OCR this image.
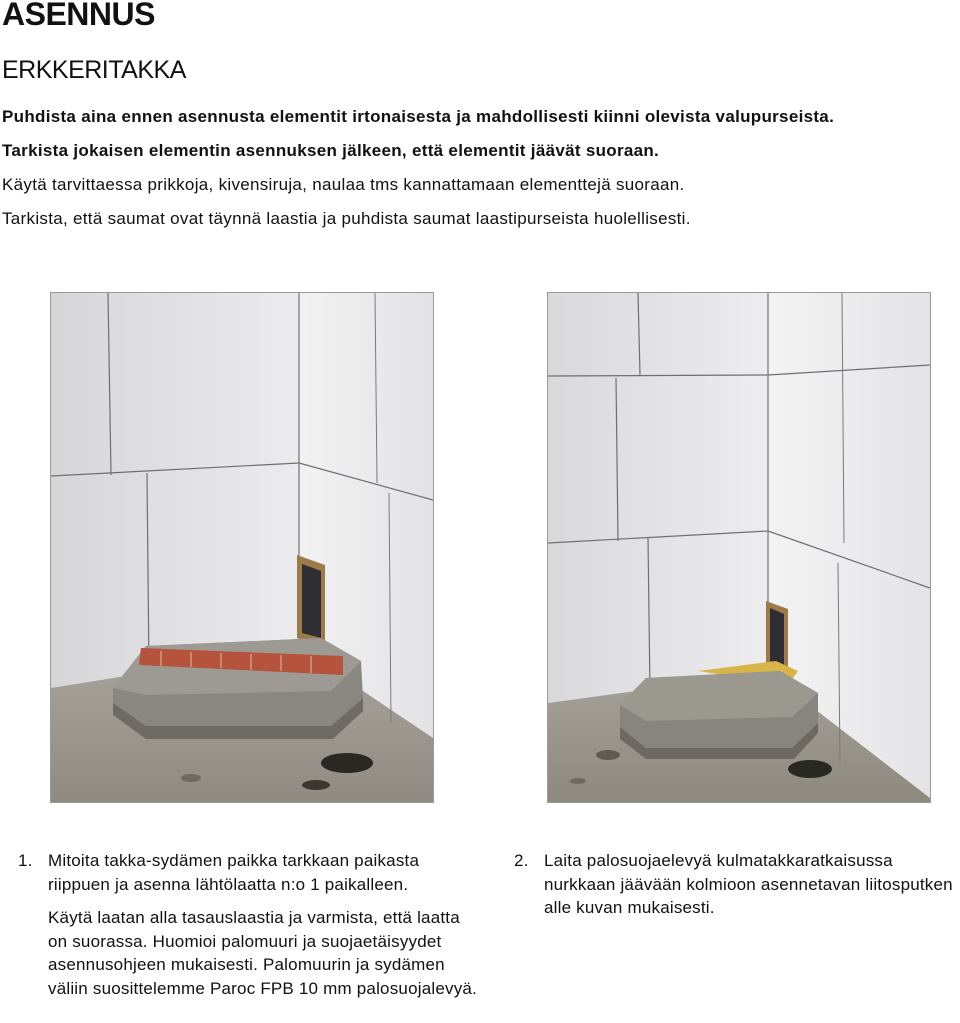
ASENNUS
ERKKERITAKKA

Puhdista aina ennen asennusta elementit irtonaisesta ja mahdollisesti kiinni olevista valupurseista.

Tarkista jokaisen elementin asennuksen jälkeen, että elementit jäävät suoraan.

Käytä tarvittaessa prikkoja, kivensiruja, naulaa tms kannattamaan elementtejä suoraan.

Tarkista, että saumat ovat täynnä laastia ja puhdista saumat laastipurseista huolellisesti.

1. Mitoita takka-sydämen paikka tarkkaan paikasta riippuen ja asenna lähtölaatta n:o 1 paikalleen.

Käytä laatan alla tasauslaastia ja varmista, että laatta on suorassa. Huomioi palomuuri ja suojaetäisyydet asennusohjeen mukaisesti. Palomuurin ja sydämen väliin suosittelemme Paroc FPB 10 mm palosuojalevyä.

2. Laita palosuojaelevyä kulmatakkaratkaisussa nurkkaan jäävään kolmioon asennetavan liitosputken alle kuvan mukaisesti.
